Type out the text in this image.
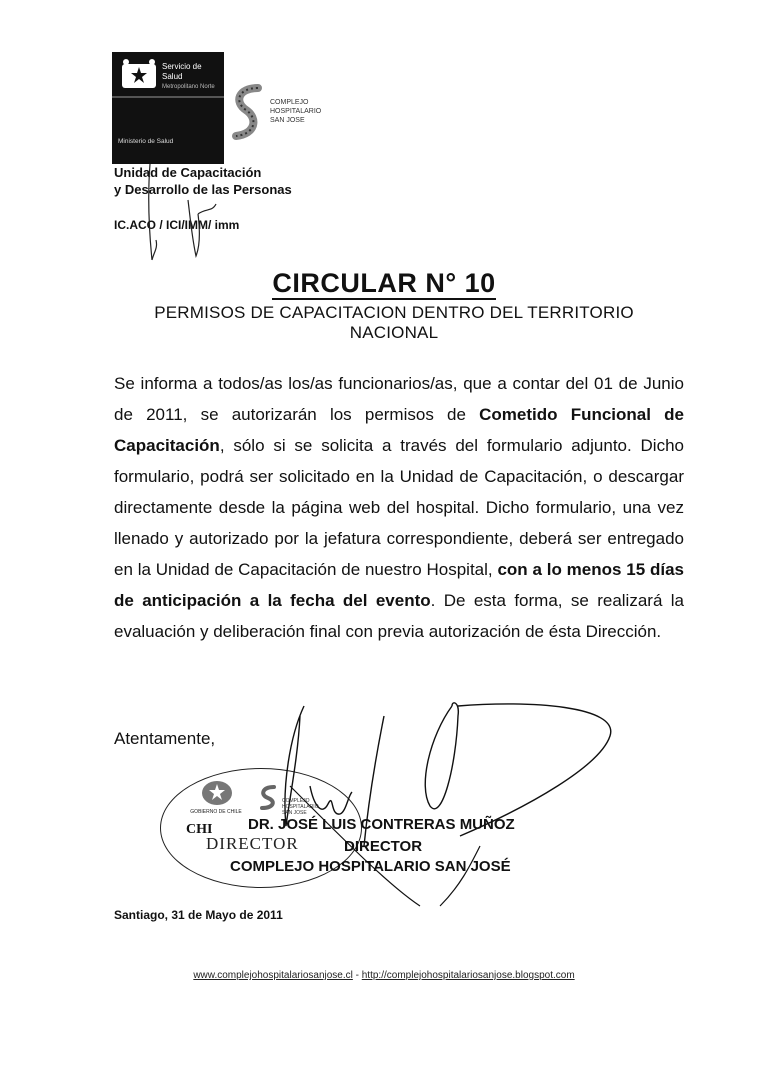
Servicio de Salud
Metropolitano Norte
Ministerio de Salud
COMPLEJO
HOSPITALARIO
SAN JOSE
Unidad de Capacitación
y Desarrollo de las Personas
IC.ACO / ICI/IMM/ imm
CIRCULAR N° 10
PERMISOS DE CAPACITACION DENTRO DEL TERRITORIO NACIONAL
Se informa a todos/as los/as funcionarios/as, que a contar del 01 de Junio de 2011, se autorizarán los permisos de Cometido Funcional de Capacitación, sólo si se solicita a través del formulario adjunto. Dicho formulario, podrá ser solicitado en la Unidad de Capacitación, o descargar directamente desde la página web del hospital. Dicho formulario, una vez llenado y autorizado por la jefatura correspondiente, deberá ser entregado en la Unidad de Capacitación de nuestro Hospital, con a lo menos 15 días de anticipación a la fecha del evento. De esta forma, se realizará la evaluación y deliberación final con previa autorización de ésta Dirección.
Atentamente,
GOBIERNO DE CHILE
COMPLEJO HOSPITALARIO SAN JOSE
CHI
DIRECTOR
DR. JOSÉ LUIS CONTRERAS MUÑOZ
DIRECTOR
COMPLEJO HOSPITALARIO SAN JOSÉ
Santiago, 31 de Mayo de 2011
www.complejohospitalariosanjose.cl - http://complejohospitalariosanjose.blogspot.com
